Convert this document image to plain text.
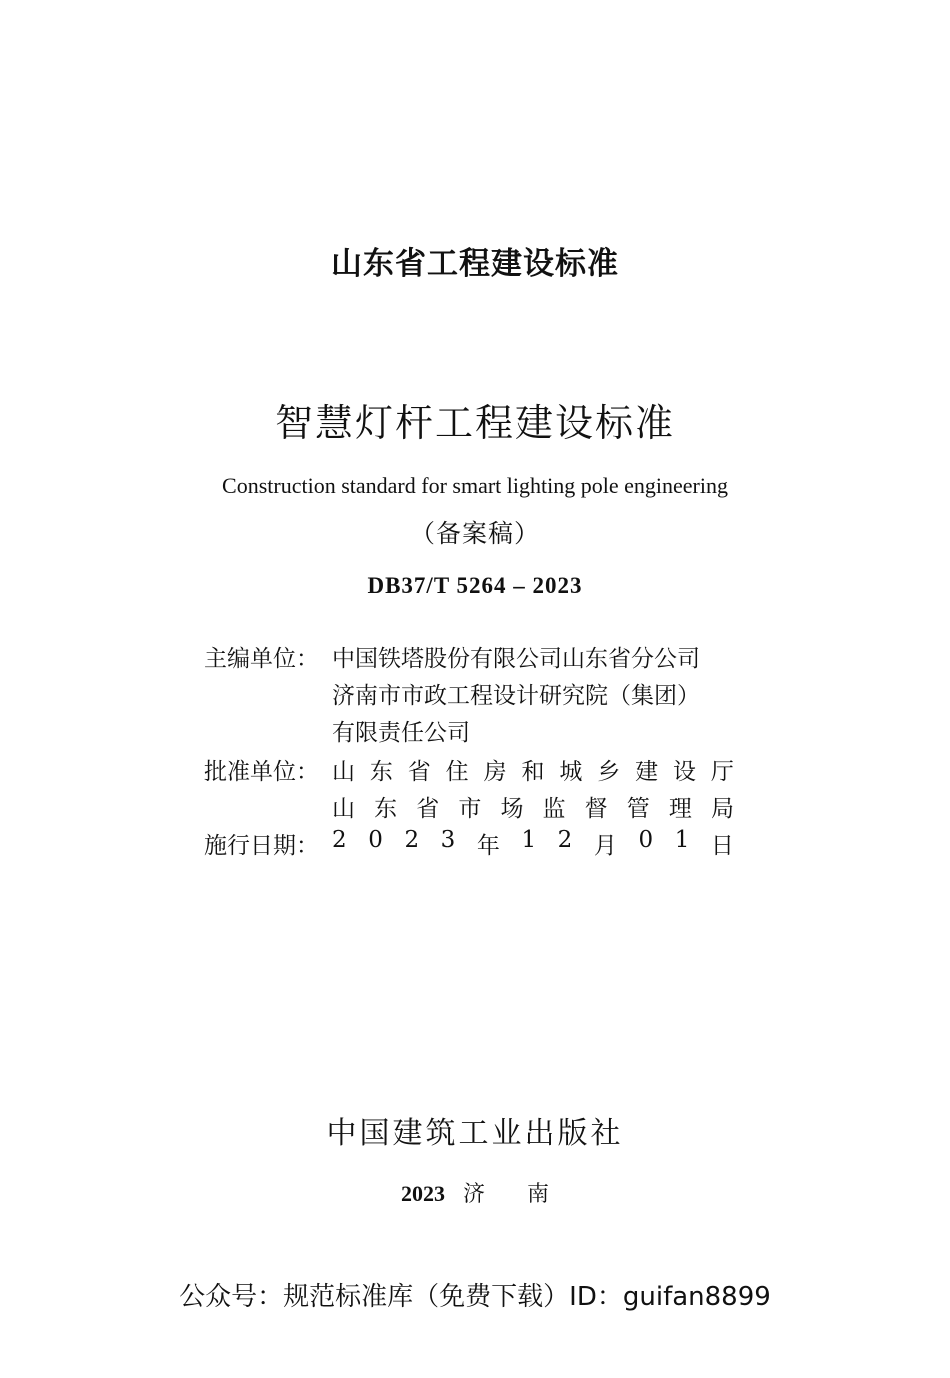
山东省工程建设标准
智慧灯杆工程建设标准
Construction standard for smart lighting pole engineering
（备案稿）
DB37/T 5264 – 2023
主编单位： 中国铁塔股份有限公司山东省分公司
济南市市政工程设计研究院（集团）
有限责任公司
批准单位： 山 东 省 住 房 和 城 乡 建 设 厅
山 东 省 市 场 监 督 管 理 局
施行日期： 2 0 2 3 年 1 2 月 0 1 日
中国建筑工业出版社
2023 济南
公众号：规范标准库（免费下载）ID：guifan8899
